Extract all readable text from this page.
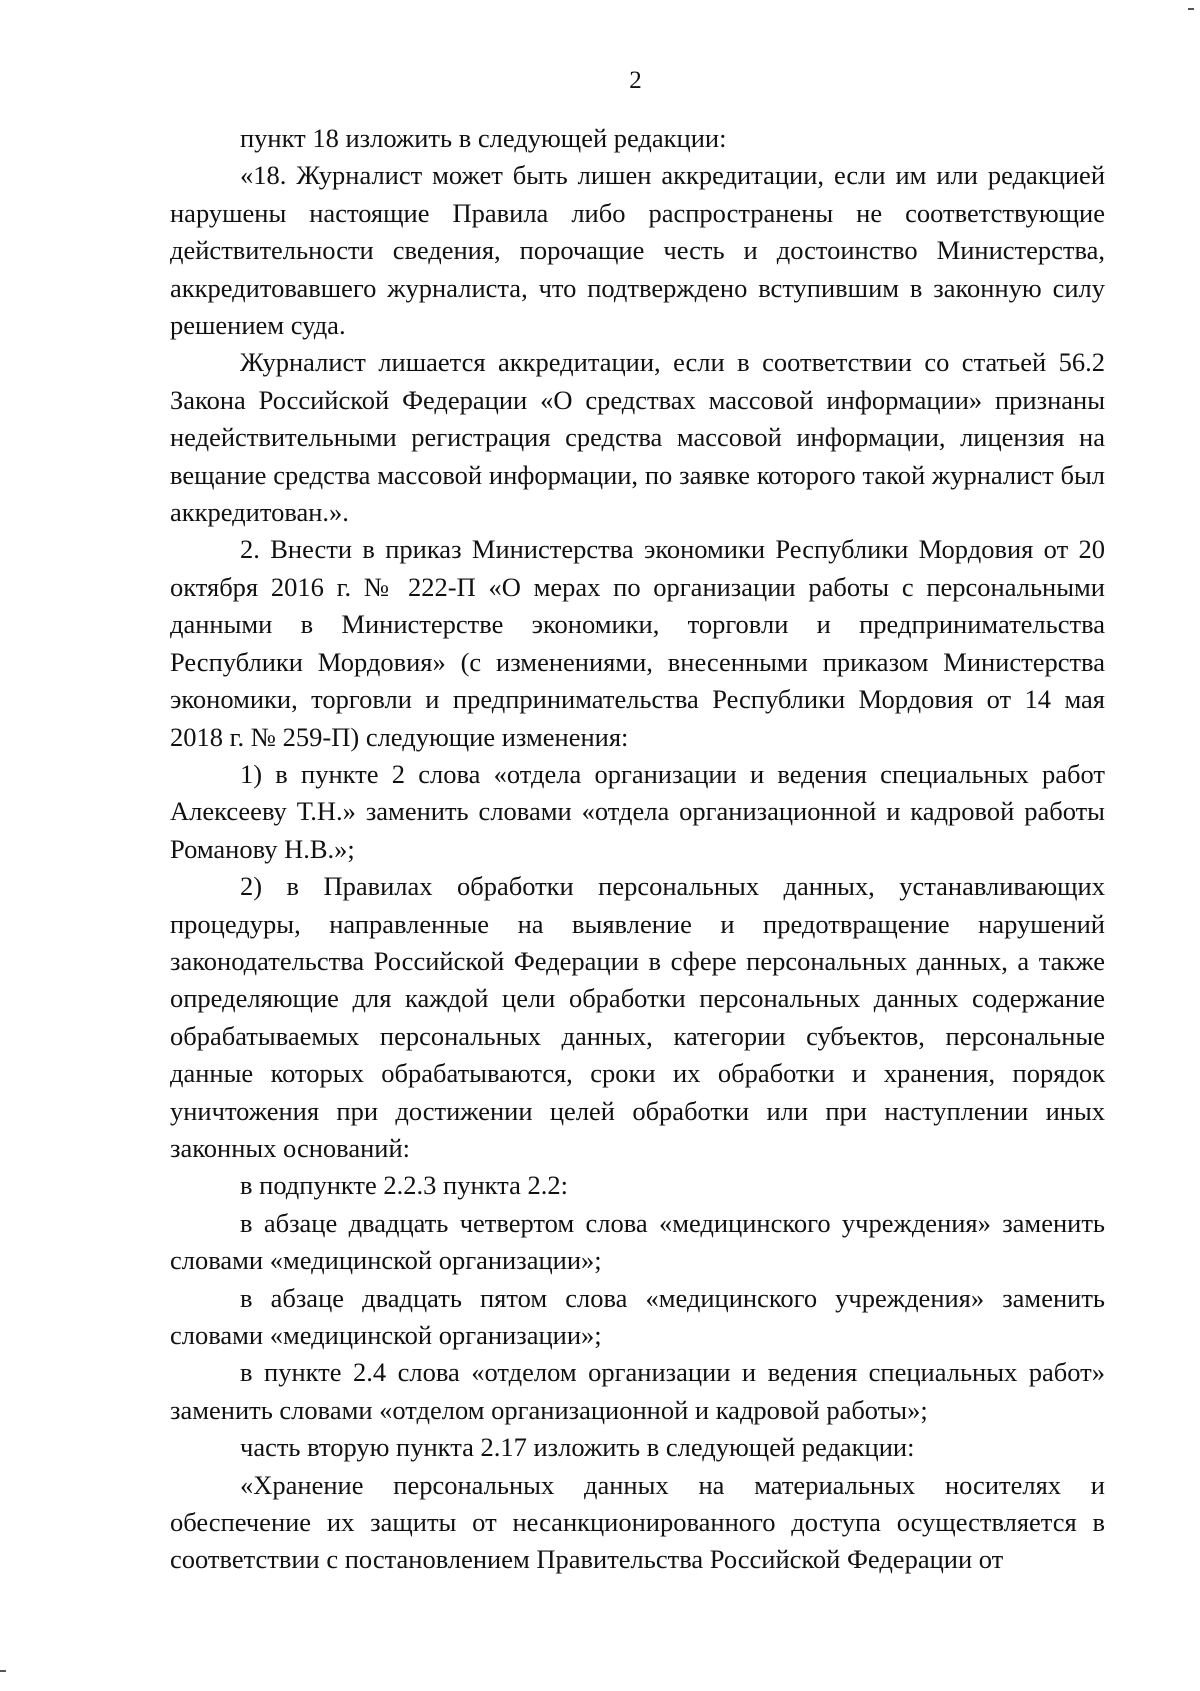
2

пункт 18 изложить в следующей редакции:

«18. Журналист может быть лишен аккредитации, если им или редакцией нарушены настоящие Правила либо распространены не соответствующие действительности сведения, порочащие честь и достоинство Министерства, аккредитовавшего журналиста, что подтверждено вступившим в законную силу решением суда.

Журналист лишается аккредитации, если в соответствии со статьей 56.2 Закона Российской Федерации «О средствах массовой информации» признаны недействительными регистрация средства массовой информации, лицензия на вещание средства массовой информации, по заявке которого такой журналист был аккредитован.».

2. Внести в приказ Министерства экономики Республики Мордовия от 20 октября 2016 г. № 222-П «О мерах по организации работы с персональными данными в Министерстве экономики, торговли и предпринимательства Республики Мордовия» (с изменениями, внесенными приказом Министерства экономики, торговли и предпринимательства Республики Мордовия от 14 мая 2018 г. № 259-П) следующие изменения:

1) в пункте 2 слова «отдела организации и ведения специальных работ Алексееву Т.Н.» заменить словами «отдела организационной и кадровой работы Романову Н.В.»;

2) в Правилах обработки персональных данных, устанавливающих процедуры, направленные на выявление и предотвращение нарушений законодательства Российской Федерации в сфере персональных данных, а также определяющие для каждой цели обработки персональных данных содержание обрабатываемых персональных данных, категории субъектов, персональные данные которых обрабатываются, сроки их обработки и хранения, порядок уничтожения при достижении целей обработки или при наступлении иных законных оснований:

в подпункте 2.2.3 пункта 2.2:

в абзаце двадцать четвертом слова «медицинского учреждения» заменить словами «медицинской организации»;

в абзаце двадцать пятом слова «медицинского учреждения» заменить словами «медицинской организации»;

в пункте 2.4 слова «отделом организации и ведения специальных работ» заменить словами «отделом организационной и кадровой работы»;

часть вторую пункта 2.17 изложить в следующей редакции:

«Хранение персональных данных на материальных носителях и обеспечение их защиты от несанкционированного доступа осуществляется в соответствии с постановлением Правительства Российской Федерации от
